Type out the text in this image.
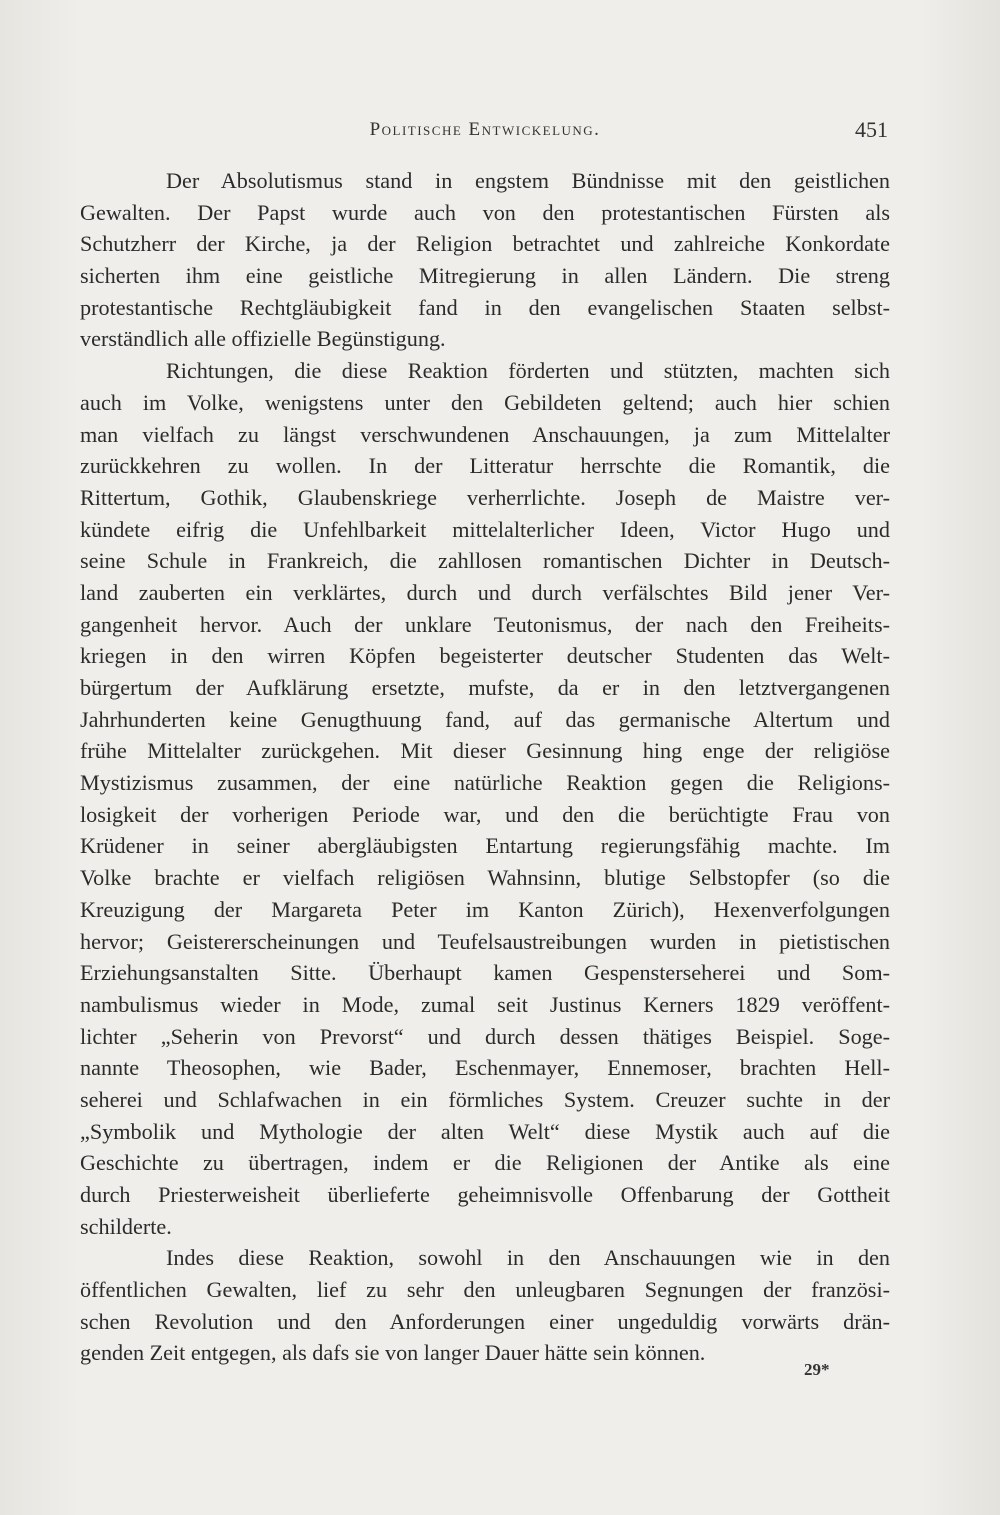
Politische Entwickelung.	451
Der Absolutismus stand in engstem Bündnisse mit den geistlichen
Gewalten. Der Papst wurde auch von den protestantischen Fürsten als
Schutzherr der Kirche, ja der Religion betrachtet und zahlreiche Konkordate
sicherten ihm eine geistliche Mitregierung in allen Ländern. Die streng
protestantische Rechtgläubigkeit fand in den evangelischen Staaten selbst-
verständlich alle offizielle Begünstigung.
Richtungen, die diese Reaktion förderten und stützten, machten sich
auch im Volke, wenigstens unter den Gebildeten geltend; auch hier schien
man vielfach zu längst verschwundenen Anschauungen, ja zum Mittelalter
zurückkehren zu wollen. In der Litteratur herrschte die Romantik, die
Rittertum, Gothik, Glaubenskriege verherrlichte. Joseph de Maistre ver-
kündete eifrig die Unfehlbarkeit mittelalterlicher Ideen, Victor Hugo und
seine Schule in Frankreich, die zahllosen romantischen Dichter in Deutsch-
land zauberten ein verklärtes, durch und durch verfälschtes Bild jener Ver-
gangenheit hervor. Auch der unklare Teutonismus, der nach den Freiheits-
kriegen in den wirren Köpfen begeisterter deutscher Studenten das Welt-
bürgertum der Aufklärung ersetzte, mufste, da er in den letztvergangenen
Jahrhunderten keine Genugthuung fand, auf das germanische Altertum und
frühe Mittelalter zurückgehen. Mit dieser Gesinnung hing enge der religiöse
Mystizismus zusammen, der eine natürliche Reaktion gegen die Religions-
losigkeit der vorherigen Periode war, und den die berüchtigte Frau von
Krüdener in seiner abergläubigsten Entartung regierungsfähig machte. Im
Volke brachte er vielfach religiösen Wahnsinn, blutige Selbstopfer (so die
Kreuzigung der Margareta Peter im Kanton Zürich), Hexenverfolgungen
hervor; Geistererscheinungen und Teufelsaustreibungen wurden in pietistischen
Erziehungsanstalten Sitte. Überhaupt kamen Gespensterseherei und Som-
nambulismus wieder in Mode, zumal seit Justinus Kerners 1829 veröffent-
lichter „Seherin von Prevorst“ und durch dessen thätiges Beispiel. Soge-
nannte Theosophen, wie Bader, Eschenmayer, Ennemoser, brachten Hell-
seherei und Schlafwachen in ein förmliches System. Creuzer suchte in der
„Symbolik und Mythologie der alten Welt“ diese Mystik auch auf die
Geschichte zu übertragen, indem er die Religionen der Antike als eine
durch Priesterweisheit überlieferte geheimnisvolle Offenbarung der Gottheit
schilderte.
Indes diese Reaktion, sowohl in den Anschauungen wie in den
öffentlichen Gewalten, lief zu sehr den unleugbaren Segnungen der französi-
schen Revolution und den Anforderungen einer ungeduldig vorwärts drän-
genden Zeit entgegen, als dafs sie von langer Dauer hätte sein können.
29*
